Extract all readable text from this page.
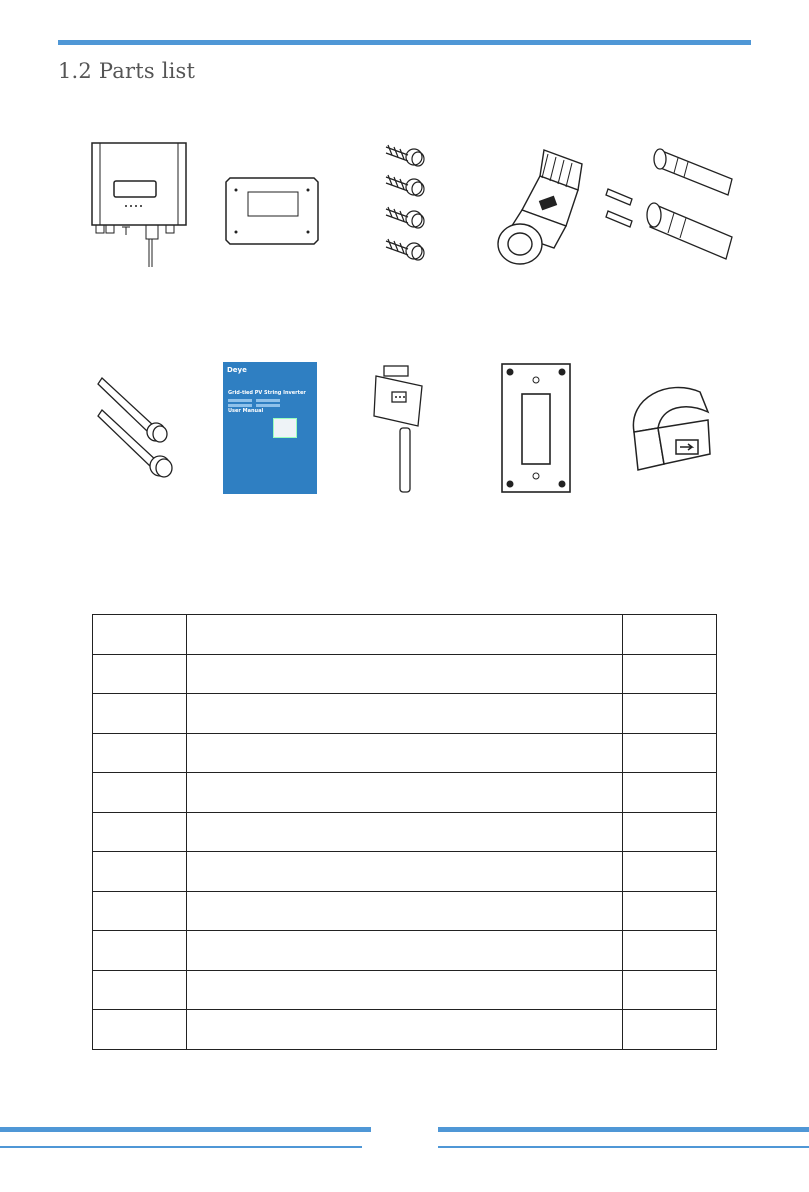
1.2 Parts list
Deye
Grid-tied PV String Inverter
User Manual
